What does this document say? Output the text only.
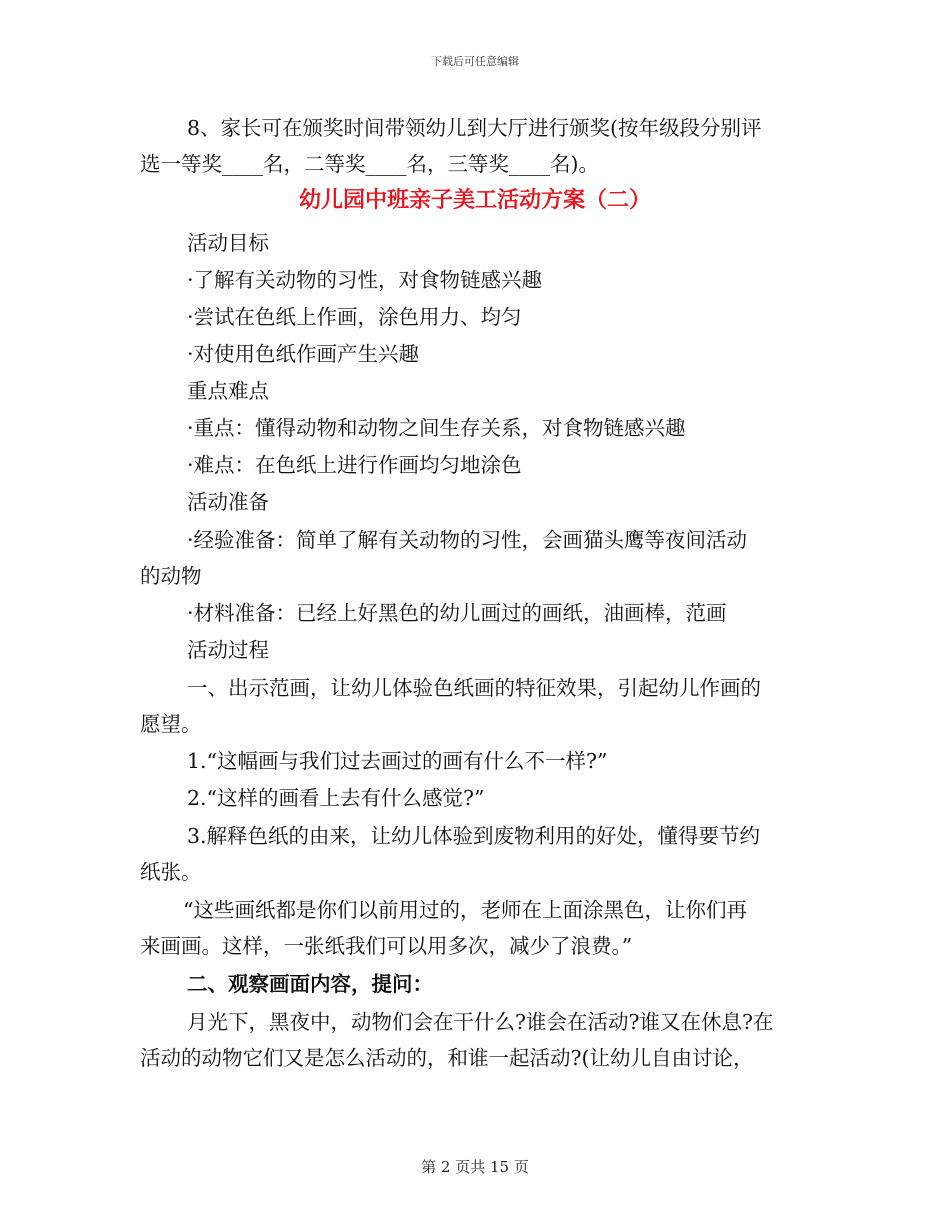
下载后可任意编辑
8、家长可在颁奖时间带领幼儿到大厅进行颁奖(按年级段分别评
选一等奖____名，二等奖____名，三等奖____名)。
幼儿园中班亲子美工活动方案（二）
活动目标
·了解有关动物的习性，对食物链感兴趣
·尝试在色纸上作画，涂色用力、均匀
·对使用色纸作画产生兴趣
重点难点
·重点：懂得动物和动物之间生存关系，对食物链感兴趣
·难点：在色纸上进行作画均匀地涂色
活动准备
·经验准备：简单了解有关动物的习性，会画猫头鹰等夜间活动
的动物
·材料准备：已经上好黑色的幼儿画过的画纸，油画棒，范画
活动过程
一、出示范画，让幼儿体验色纸画的特征效果，引起幼儿作画的
愿望。
1.“这幅画与我们过去画过的画有什么不一样?”
2.“这样的画看上去有什么感觉?”
3.解释色纸的由来，让幼儿体验到废物利用的好处，懂得要节约
纸张。
“这些画纸都是你们以前用过的，老师在上面涂黑色，让你们再
来画画。这样，一张纸我们可以用多次，减少了浪费。”
二、观察画面内容，提问：
月光下，黑夜中，动物们会在干什么?谁会在活动?谁又在休息?在
活动的动物它们又是怎么活动的，和谁一起活动?(让幼儿自由讨论，
第 2 页共 15 页
